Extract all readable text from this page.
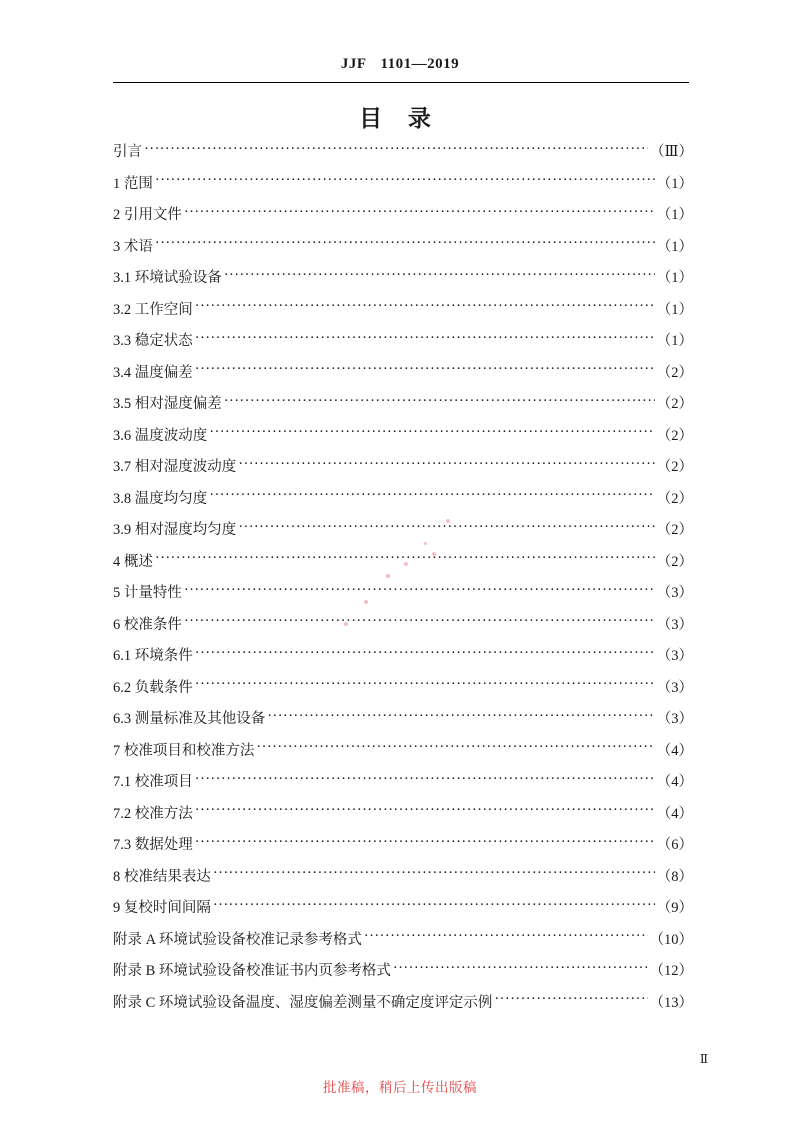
JJF 1101—2019
目 录
引言 ·····	（Ⅲ）
1 范围 ·····	（1）
2 引用文件 ·····	（1）
3 术语 ·····	（1）
3.1 环境试验设备 ·····	（1）
3.2 工作空间 ·····	（1）
3.3 稳定状态 ·····	（1）
3.4 温度偏差 ·····	（2）
3.5 相对湿度偏差 ·····	（2）
3.6 温度波动度 ·····	（2）
3.7 相对湿度波动度 ·····	（2）
3.8 温度均匀度 ·····	（2）
3.9 相对湿度均匀度 ·····	（2）
4 概述 ·····	（2）
5 计量特性 ·····	（3）
6 校准条件 ·····	（3）
6.1 环境条件 ·····	（3）
6.2 负载条件 ·····	（3）
6.3 测量标准及其他设备 ·····	（3）
7 校准项目和校准方法 ·····	（4）
7.1 校准项目 ·····	（4）
7.2 校准方法 ·····	（4）
7.3 数据处理 ·····	（6）
8 校准结果表达 ·····	（8）
9 复校时间间隔 ·····	（9）
附录 A 环境试验设备校准记录参考格式 ·····	（10）
附录 B 环境试验设备校准证书内页参考格式 ·····	（12）
附录 C 环境试验设备温度、湿度偏差测量不确定度评定示例 ·····	（13）
Ⅱ
批准稿，稍后上传出版稿
